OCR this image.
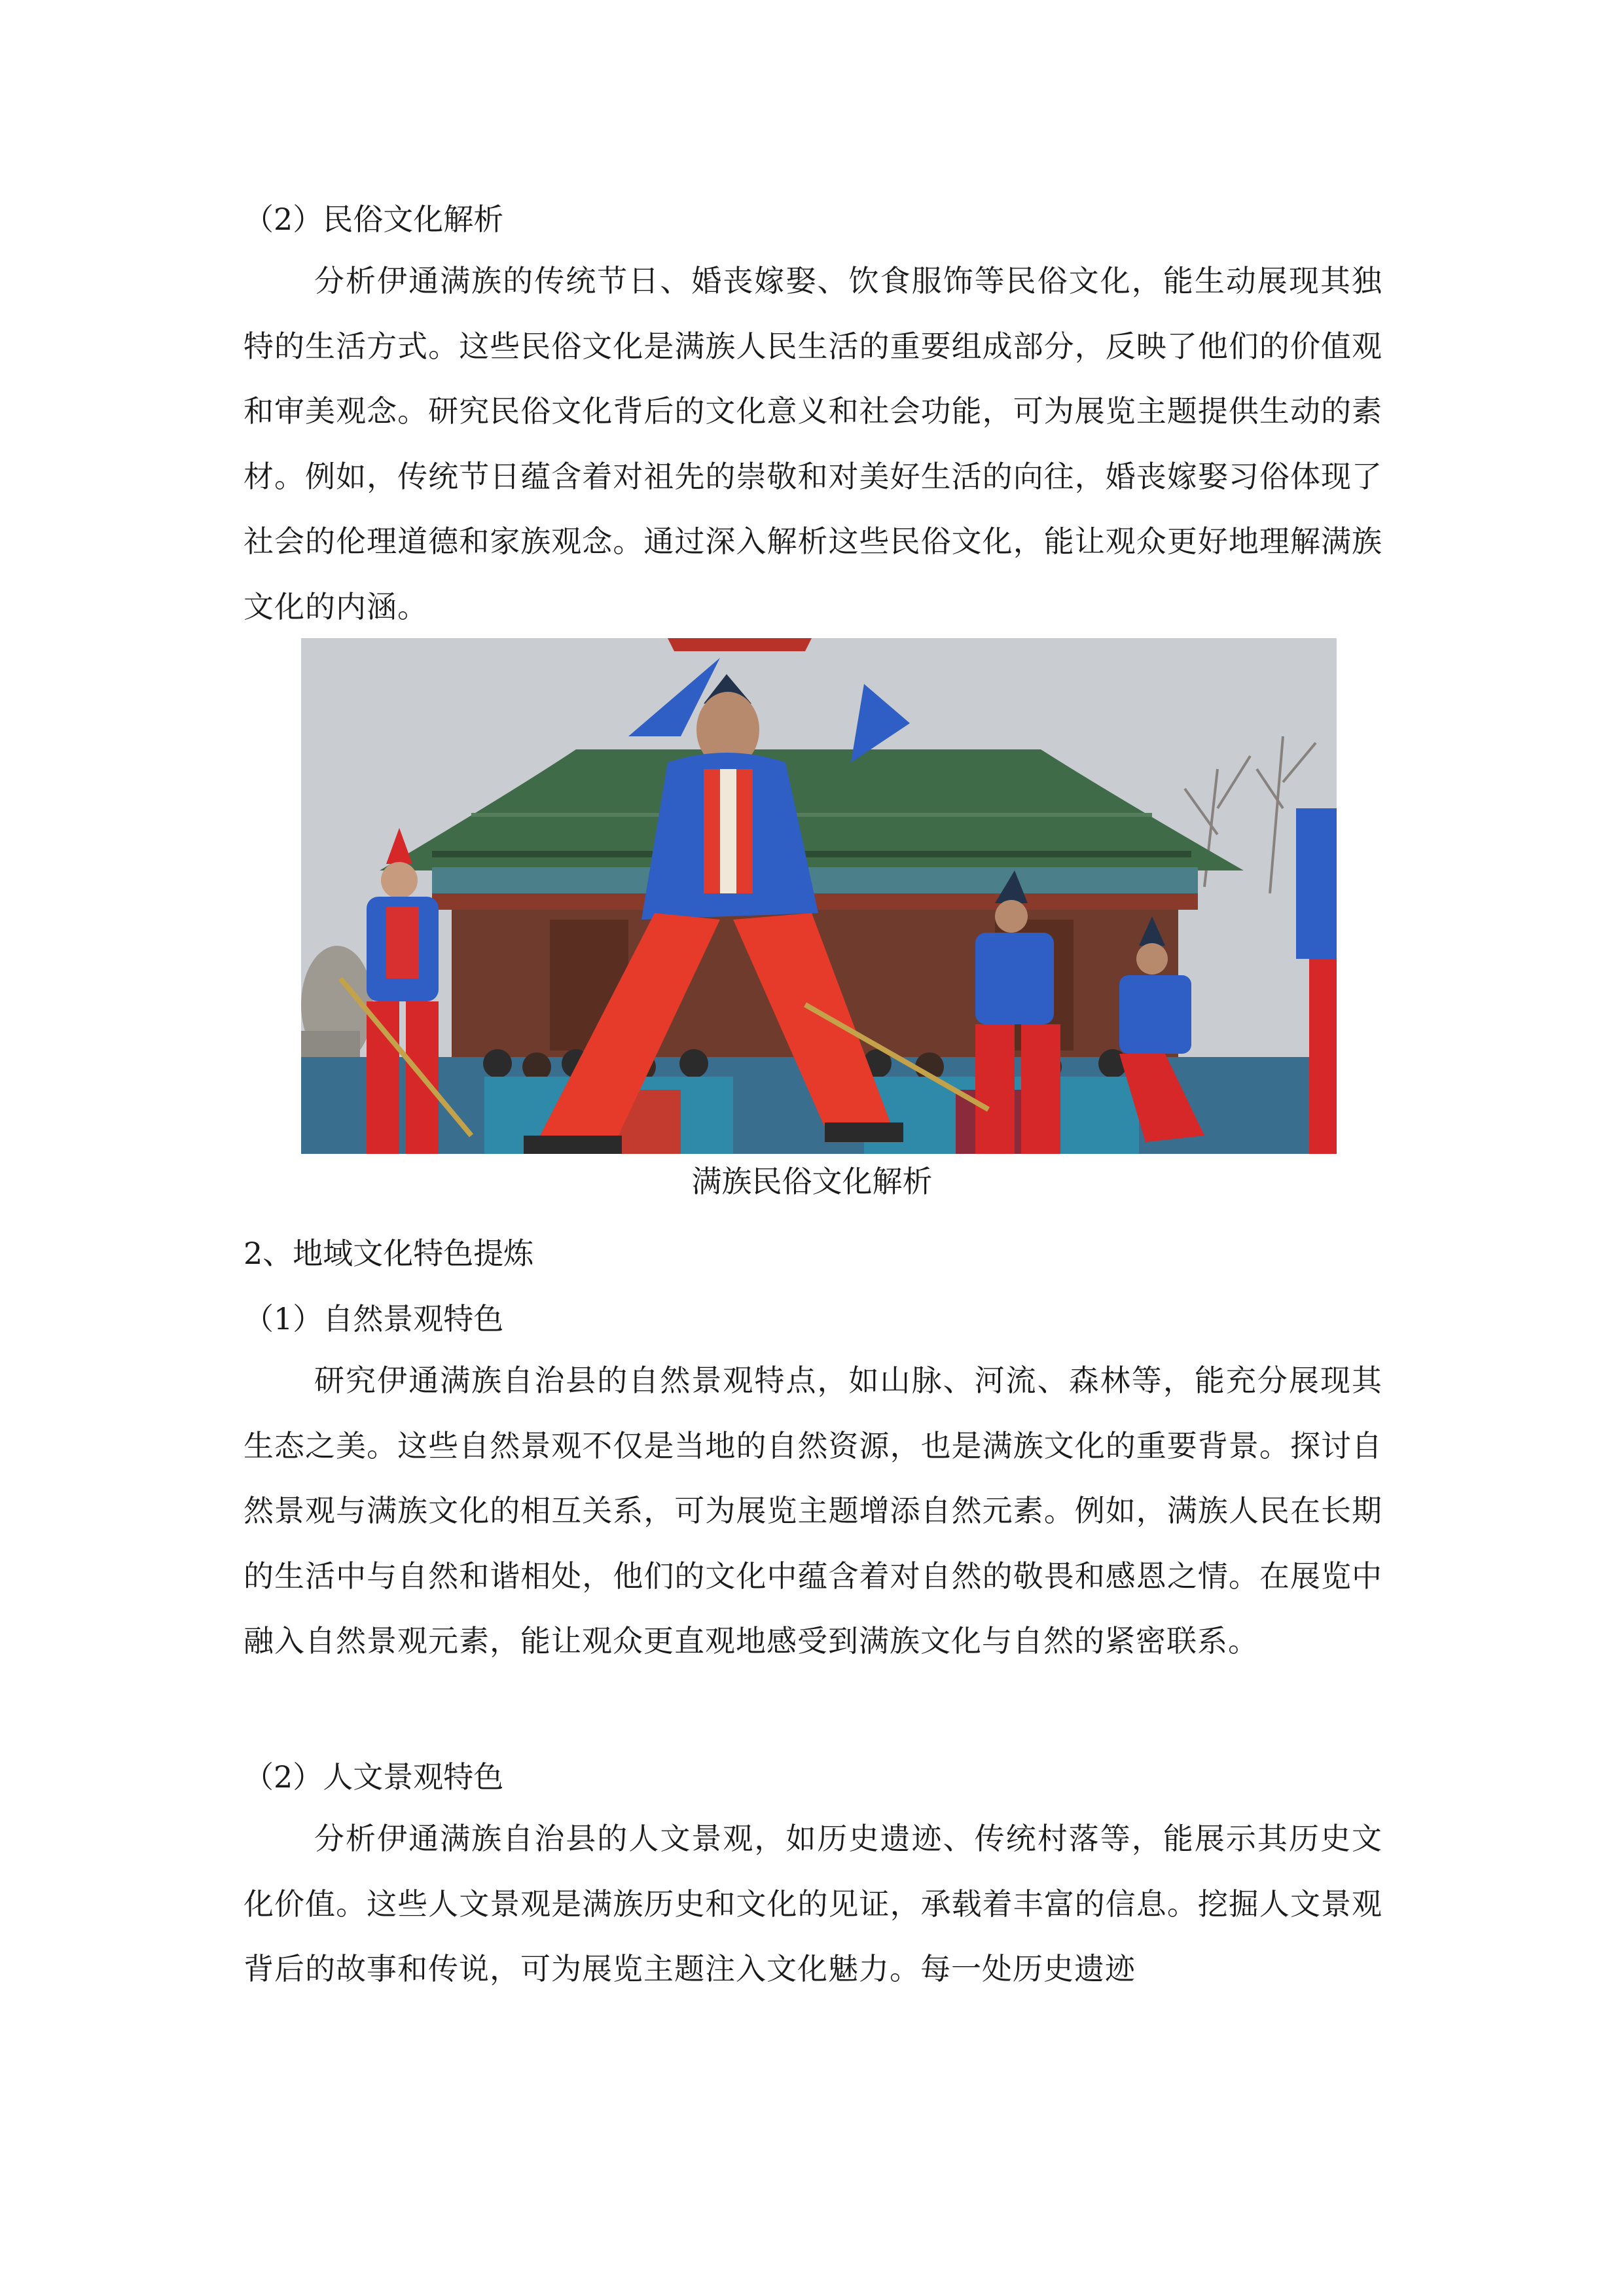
（2）民俗文化解析

分析伊通满族的传统节日、婚丧嫁娶、饮食服饰等民俗文化，能生动展现其独特的生活方式。这些民俗文化是满族人民生活的重要组成部分，反映了他们的价值观和审美观念。研究民俗文化背后的文化意义和社会功能，可为展览主题提供生动的素材。例如，传统节日蕴含着对祖先的崇敬和对美好生活的向往，婚丧嫁娶习俗体现了社会的伦理道德和家族观念。通过深入解析这些民俗文化，能让观众更好地理解满族文化的内涵。

满族民俗文化解析
2、地域文化特色提炼
（1）自然景观特色

研究伊通满族自治县的自然景观特点，如山脉、河流、森林等，能充分展现其生态之美。这些自然景观不仅是当地的自然资源，也是满族文化的重要背景。探讨自然景观与满族文化的相互关系，可为展览主题增添自然元素。例如，满族人民在长期的生活中与自然和谐相处，他们的文化中蕴含着对自然的敬畏和感恩之情。在展览中融入自然景观元素，能让观众更直观地感受到满族文化与自然的紧密联系。

（2）人文景观特色

分析伊通满族自治县的人文景观，如历史遗迹、传统村落等，能展示其历史文化价值。这些人文景观是满族历史和文化的见证，承载着丰富的信息。挖掘人文景观背后的故事和传说，可为展览主题注入文化魅力。每一处历史遗迹
